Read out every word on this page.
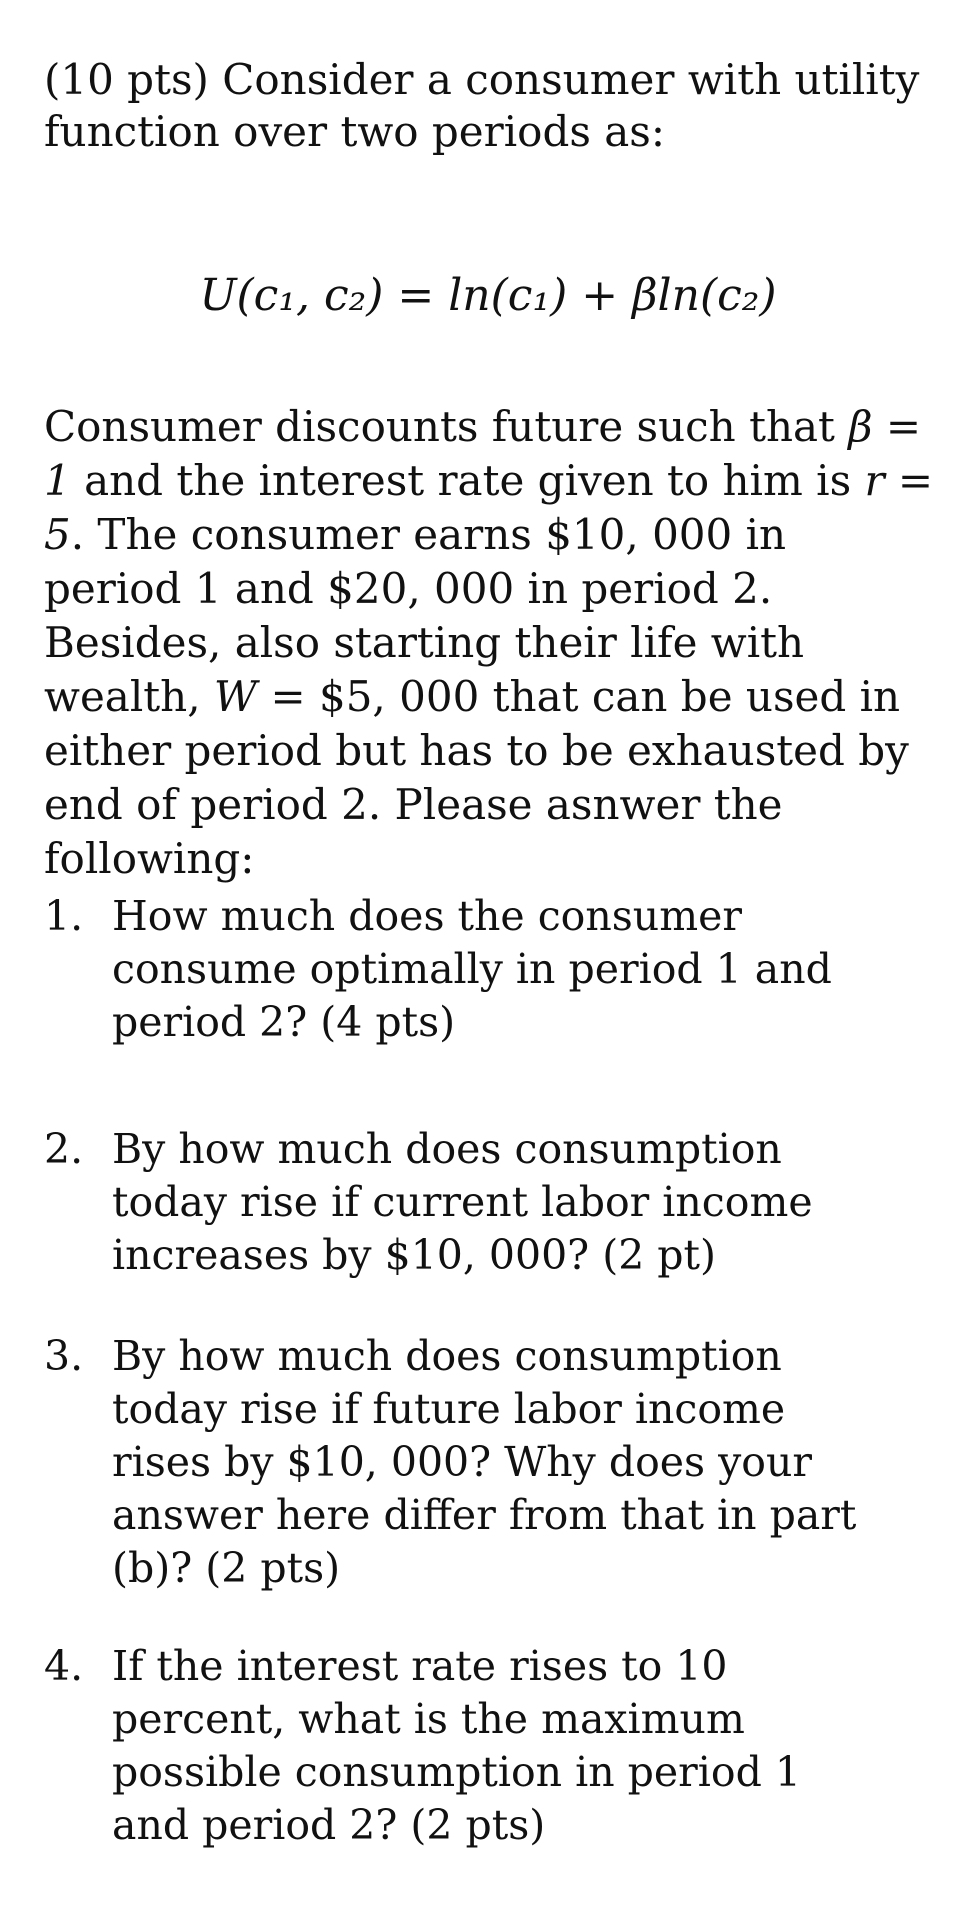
(10 pts) Consider a consumer with utility function over two periods as:

U(c₁, c₂) = ln(c₁) + βln(c₂)

Consumer discounts future such that β = 1 and the interest rate given to him is r = 5. The consumer earns $10, 000 in period 1 and $20, 000 in period 2. Besides, also starting their life with wealth, W = $5, 000 that can be used in either period but has to be exhausted by end of period 2. Please asnwer the following:

1. How much does the consumer consume optimally in period 1 and period 2? (4 pts)
2. By how much does consumption today rise if current labor income increases by $10, 000? (2 pt)
3. By how much does consumption today rise if future labor income rises by $10, 000? Why does your answer here differ from that in part (b)? (2 pts)
4. If the interest rate rises to 10 percent, what is the maximum possible consumption in period 1 and period 2? (2 pts)
